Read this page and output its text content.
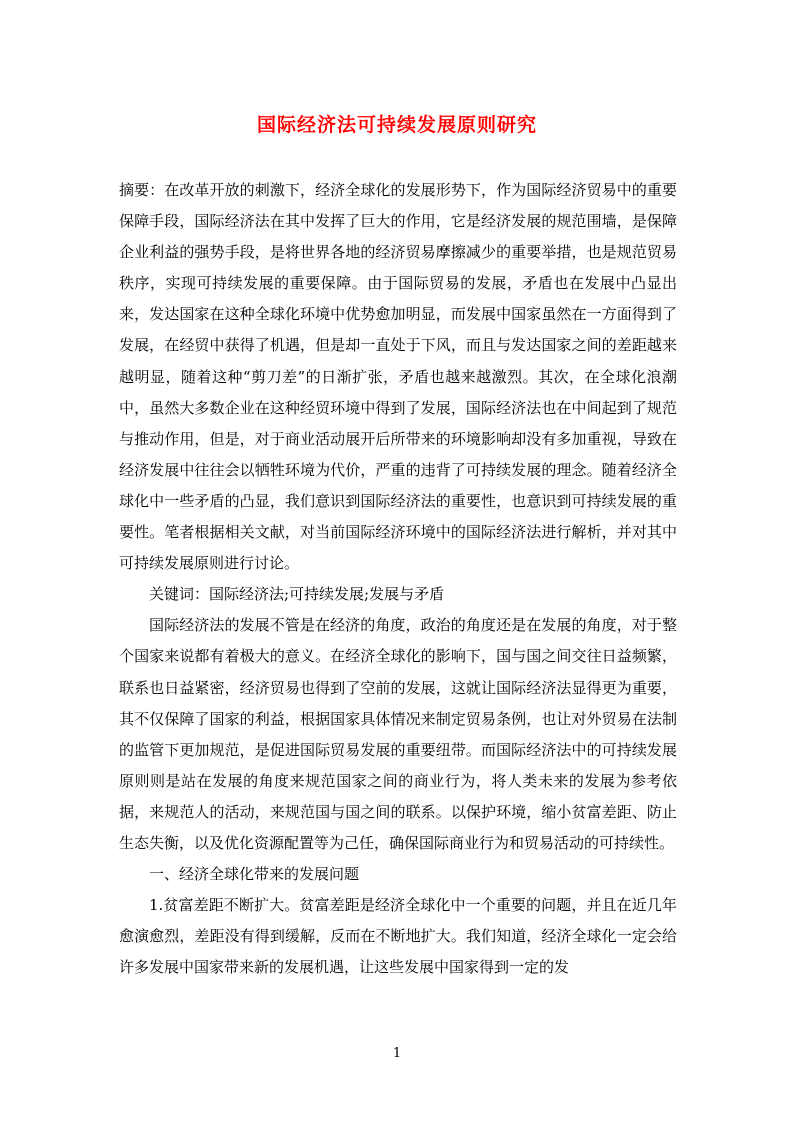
国际经济法可持续发展原则研究

摘要：在改革开放的刺激下，经济全球化的发展形势下，作为国际经济贸易中的重要保障手段，国际经济法在其中发挥了巨大的作用，它是经济发展的规范围墙，是保障企业利益的强势手段，是将世界各地的经济贸易摩擦减少的重要举措，也是规范贸易秩序，实现可持续发展的重要保障。由于国际贸易的发展，矛盾也在发展中凸显出来，发达国家在这种全球化环境中优势愈加明显，而发展中国家虽然在一方面得到了发展，在经贸中获得了机遇，但是却一直处于下风，而且与发达国家之间的差距越来越明显，随着这种“剪刀差”的日渐扩张，矛盾也越来越激烈。其次，在全球化浪潮中，虽然大多数企业在这种经贸环境中得到了发展，国际经济法也在中间起到了规范与推动作用，但是，对于商业活动展开后所带来的环境影响却没有多加重视，导致在经济发展中往往会以牺牲环境为代价，严重的违背了可持续发展的理念。随着经济全球化中一些矛盾的凸显，我们意识到国际经济法的重要性，也意识到可持续发展的重要性。笔者根据相关文献，对当前国际经济环境中的国际经济法进行解析，并对其中可持续发展原则进行讨论。

关键词：国际经济法;可持续发展;发展与矛盾

国际经济法的发展不管是在经济的角度，政治的角度还是在发展的角度，对于整个国家来说都有着极大的意义。在经济全球化的影响下，国与国之间交往日益频繁，联系也日益紧密，经济贸易也得到了空前的发展，这就让国际经济法显得更为重要，其不仅保障了国家的利益，根据国家具体情况来制定贸易条例，也让对外贸易在法制的监管下更加规范，是促进国际贸易发展的重要纽带。而国际经济法中的可持续发展原则则是站在发展的角度来规范国家之间的商业行为，将人类未来的发展为参考依据，来规范人的活动，来规范国与国之间的联系。以保护环境，缩小贫富差距、防止生态失衡，以及优化资源配置等为己任，确保国际商业行为和贸易活动的可持续性。

一、经济全球化带来的发展问题

1.贫富差距不断扩大。贫富差距是经济全球化中一个重要的问题，并且在近几年愈演愈烈，差距没有得到缓解，反而在不断地扩大。我们知道，经济全球化一定会给许多发展中国家带来新的发展机遇，让这些发展中国家得到一定的发

1
